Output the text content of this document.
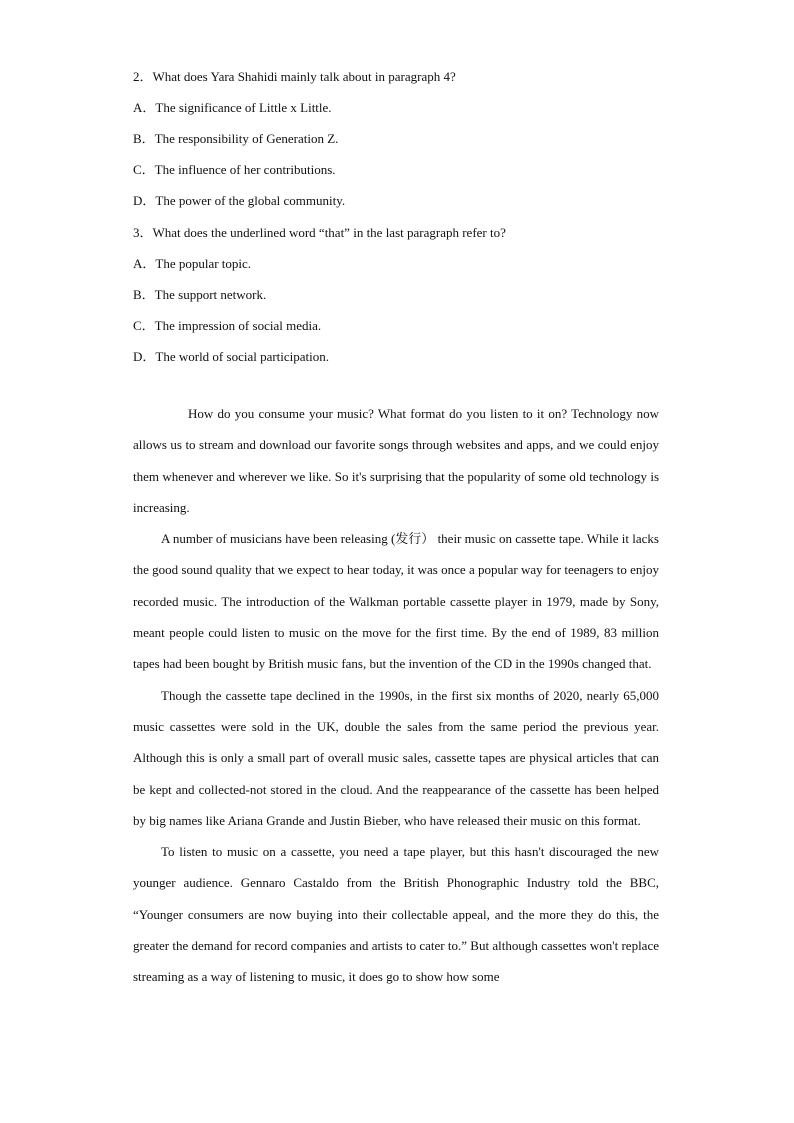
2．What does Yara Shahidi mainly talk about in paragraph 4?
A．The significance of Little x Little.
B．The responsibility of Generation Z.
C．The influence of her contributions.
D．The power of the global community.
3．What does the underlined word “that” in the last paragraph refer to?
A．The popular topic.
B．The support network.
C．The impression of social media.
D．The world of social participation.

How do you consume your music? What format do you listen to it on? Technology now allows us to stream and download our favorite songs through websites and apps, and we could enjoy them whenever and wherever we like. So it's surprising that the popularity of some old technology is increasing.

A number of musicians have been releasing (发行） their music on cassette tape. While it lacks the good sound quality that we expect to hear today, it was once a popular way for teenagers to enjoy recorded music. The introduction of the Walkman portable cassette player in 1979, made by Sony, meant people could listen to music on the move for the first time. By the end of 1989, 83 million tapes had been bought by British music fans, but the invention of the CD in the 1990s changed that.

Though the cassette tape declined in the 1990s, in the first six months of 2020, nearly 65,000 music cassettes were sold in the UK, double the sales from the same period the previous year. Although this is only a small part of overall music sales, cassette tapes are physical articles that can be kept and collected-not stored in the cloud. And the reappearance of the cassette has been helped by big names like Ariana Grande and Justin Bieber, who have released their music on this format.

To listen to music on a cassette, you need a tape player, but this hasn't discouraged the new younger audience. Gennaro Castaldo from the British Phonographic Industry told the BBC, “Younger consumers are now buying into their collectable appeal, and the more they do this, the greater the demand for record companies and artists to cater to.” But although cassettes won't replace streaming as a way of listening to music, it does go to show how some
